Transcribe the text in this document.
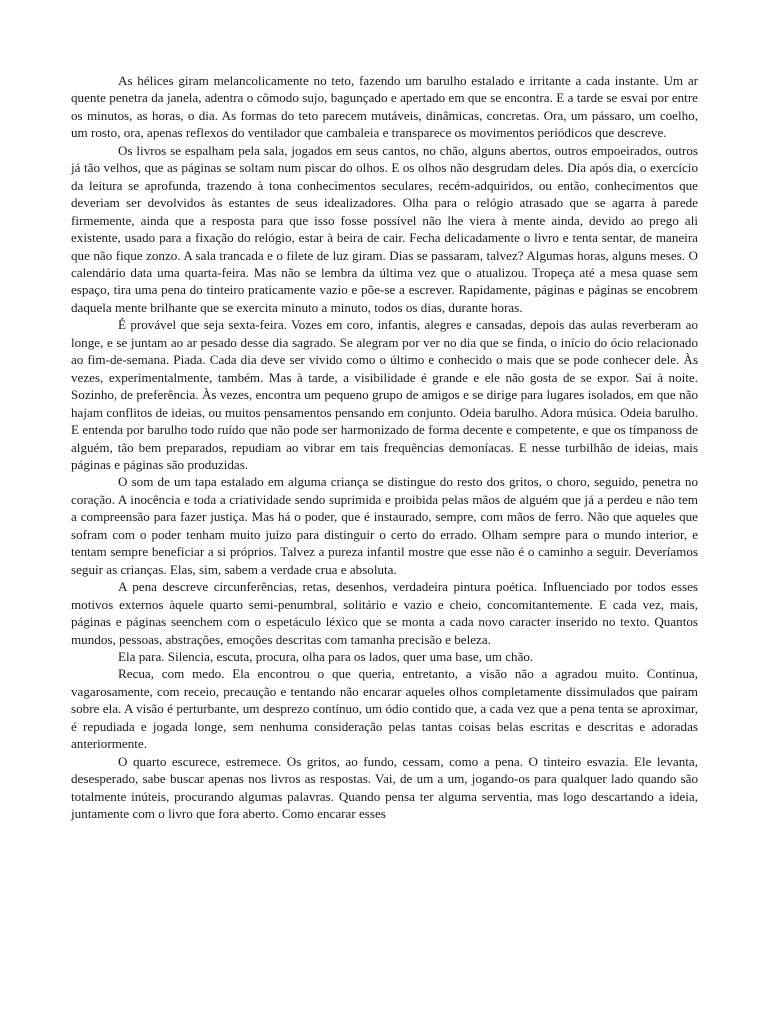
As hélices giram melancolicamente no teto, fazendo um barulho estalado e irritante a cada instante. Um ar quente penetra da janela, adentra o cômodo sujo, bagunçado e apertado em que se encontra. E a tarde se esvai por entre os minutos, as horas, o dia. As formas do teto parecem mutáveis, dinâmicas, concretas. Ora, um pássaro, um coelho, um rosto, ora, apenas reflexos do ventilador que cambaleia e transparece os movimentos periódicos que descreve.

Os livros se espalham pela sala, jogados em seus cantos, no chão, alguns abertos, outros empoeirados, outros já tão velhos, que as páginas se soltam num piscar do olhos. E os olhos não desgrudam deles. Dia após dia, o exercício da leitura se aprofunda, trazendo à tona conhecimentos seculares, recém-adquiridos, ou então, conhecimentos que deveriam ser devolvidos às estantes de seus idealizadores. Olha para o relógio atrasado que se agarra à parede firmemente, ainda que a resposta para que isso fosse possível não lhe viera à mente ainda, devido ao prego ali existente, usado para a fixação do relógio, estar à beira de cair. Fecha delicadamente o livro e tenta sentar, de maneira que não fique zonzo. A sala trancada e o filete de luz giram. Dias se passaram, talvez? Algumas horas, alguns meses. O calendário data uma quarta-feira. Mas não se lembra da última vez que o atualizou. Tropeça até a mesa quase sem espaço, tira uma pena do tinteiro praticamente vazio e põe-se a escrever. Rapidamente, páginas e páginas se encobrem daquela mente brilhante que se exercita minuto a minuto, todos os dias, durante horas.

É provável que seja sexta-feira. Vozes em coro, infantis, alegres e cansadas, depois das aulas reverberam ao longe, e se juntam ao ar pesado desse dia sagrado. Se alegram por ver no dia que se finda, o início do ócio relacionado ao fim-de-semana. Piada. Cada dia deve ser vivido como o último e conhecido o mais que se pode conhecer dele. Às vezes, experimentalmente, também. Mas à tarde, a visibilidade é grande e ele não gosta de se expor. Sai à noite. Sozinho, de preferência. Às vezes, encontra um pequeno grupo de amigos e se dirige para lugares isolados, em que não hajam conflitos de ideias, ou muitos pensamentos pensando em conjunto. Odeia barulho. Adora música. Odeia barulho. E entenda por barulho todo ruído que não pode ser harmonizado de forma decente e competente, e que os tímpanoss de alguém, tão bem preparados, repudiam ao vibrar em tais frequências demoníacas. E nesse turbilhão de ideias, mais páginas e páginas são produzidas.

O som de um tapa estalado em alguma criança se distingue do resto dos gritos, o choro, seguido, penetra no coração. A inocência e toda a criatividade sendo suprimida e proibida pelas mãos de alguém que já a perdeu e não tem a compreensão para fazer justiça. Mas há o poder, que é instaurado, sempre, com mãos de ferro. Não que aqueles que sofram com o poder tenham muito juízo para distinguir o certo do errado. Olham sempre para o mundo interior, e tentam sempre beneficiar a si próprios. Talvez a pureza infantil mostre que esse não é o caminho a seguir. Deveríamos seguir as crianças. Elas, sim, sabem a verdade crua e absoluta.

A pena descreve circunferências, retas, desenhos, verdadeira pintura poética. Influenciado por todos esses motivos externos àquele quarto semi-penumbral, solitário e vazio e cheio, concomitantemente. E cada vez, mais, páginas e páginas seenchem com o espetáculo léxico que se monta a cada novo caracter inserido no texto. Quantos mundos, pessoas, abstrações, emoções descritas com tamanha precisão e beleza.

Ela para. Silencia, escuta, procura, olha para os lados, quer uma base, um chão.

Recua, com medo. Ela encontrou o que queria, entretanto, a visão não a agradou muito. Continua, vagarosamente, com receio, precaução e tentando não encarar aqueles olhos completamente dissimulados que pairam sobre ela. A visão é perturbante, um desprezo contínuo, um ódio contido que, a cada vez que a pena tenta se aproximar, é repudiada e jogada longe, sem nenhuma consideração pelas tantas coisas belas escritas e descritas e adoradas anteriormente.

O quarto escurece, estremece. Os gritos, ao fundo, cessam, como a pena. O tinteiro esvazia. Ele levanta, desesperado, sabe buscar apenas nos livros as respostas. Vai, de um a um, jogando-os para qualquer lado quando são totalmente inúteis, procurando algumas palavras. Quando pensa ter alguma serventia, mas logo descartando a ideia, juntamente com o livro que fora aberto. Como encarar esses
